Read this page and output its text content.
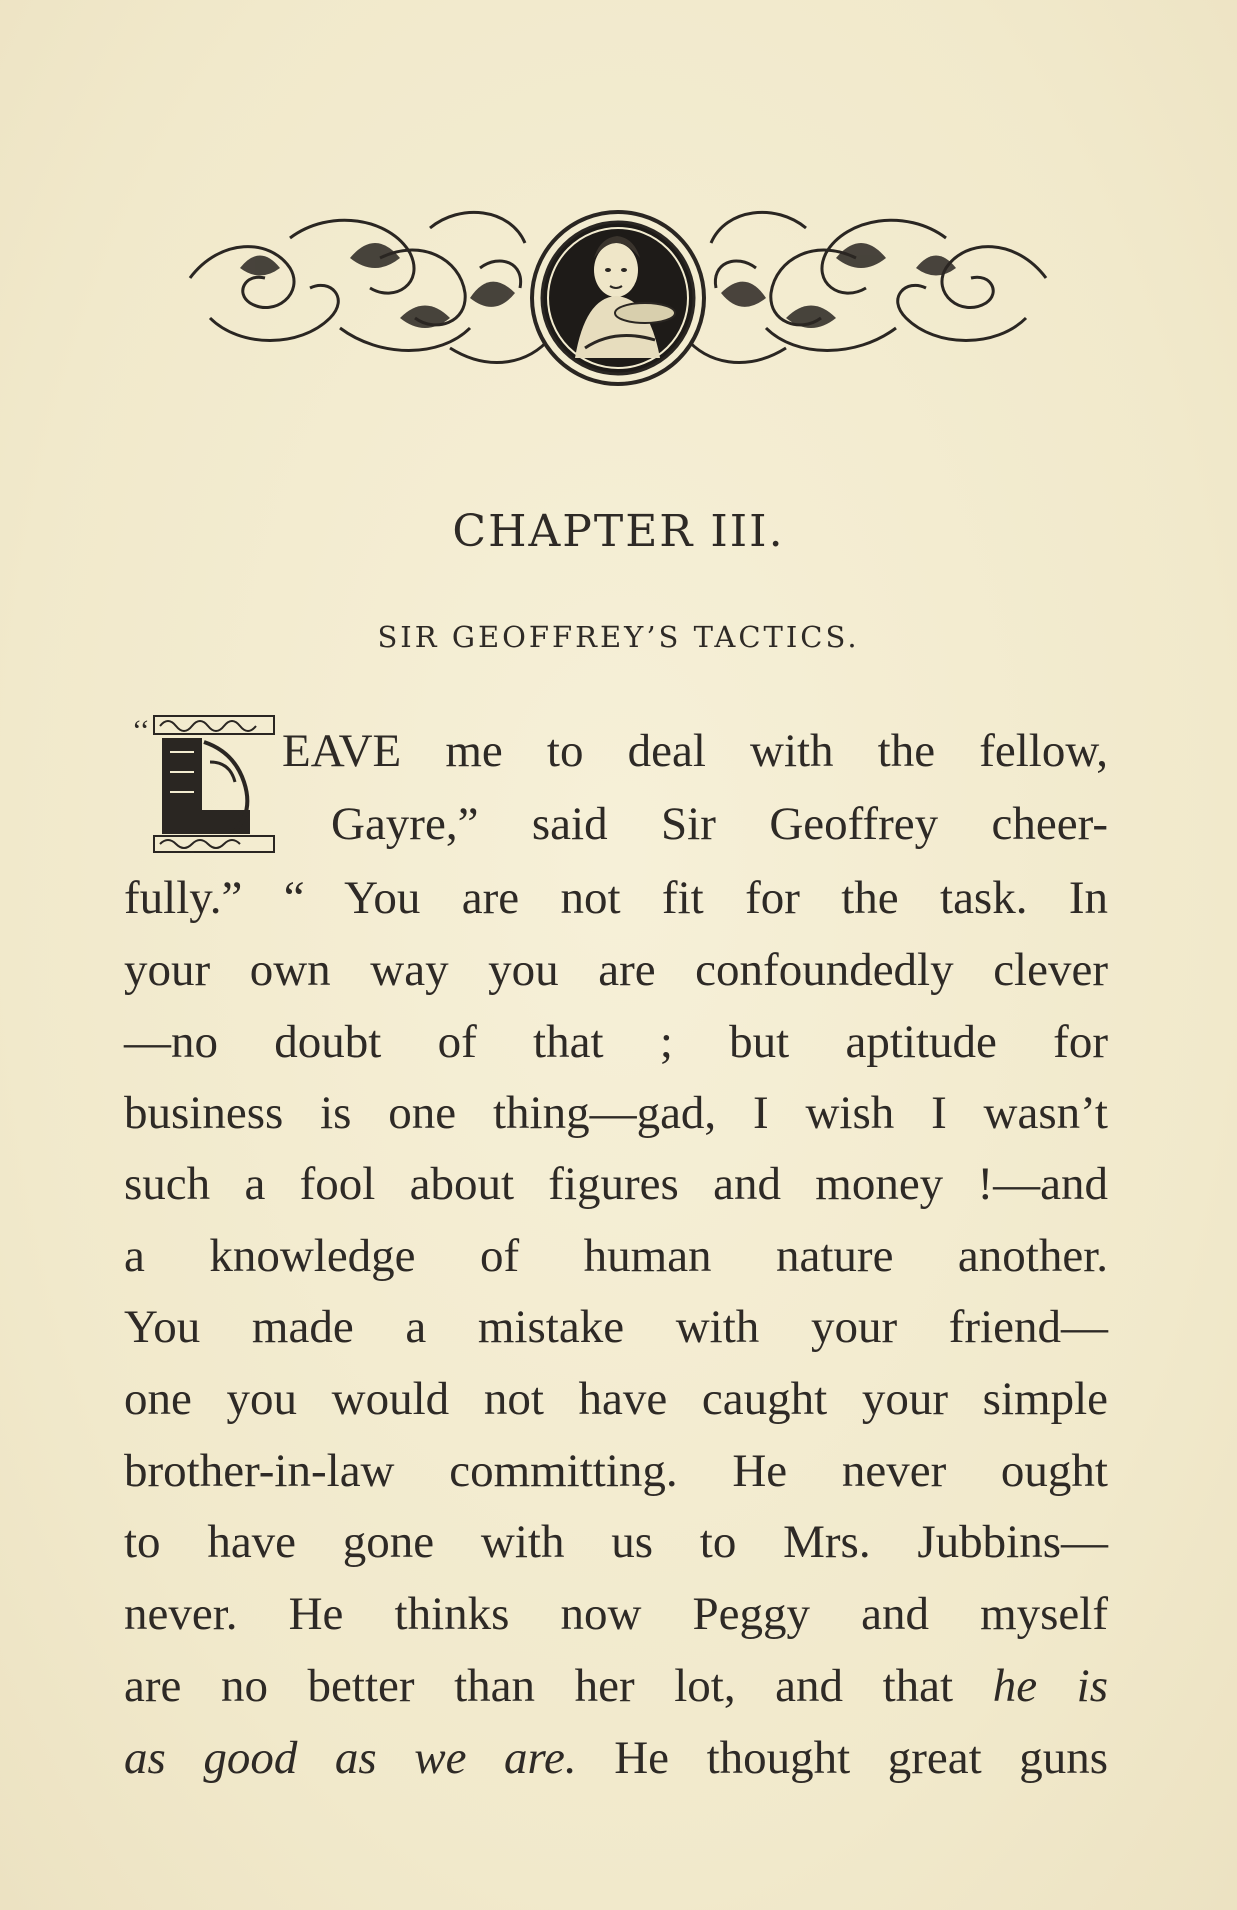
CHAPTER III.
SIR GEOFFREY’S TACTICS.
‘‘	EAVE me to deal with the fellow,
Gayre,” said Sir Geoffrey cheer-
fully.” “ You are not fit for the task. In
your own way you are confoundedly clever
—no doubt of that ; but aptitude for
business is one thing—gad, I wish I wasn’t
such a fool about figures and money !—and
a knowledge of human nature another.
You made a mistake with your friend—
one you would not have caught your simple
brother-in-law committing. He never ought
to have gone with us to Mrs. Jubbins—
never. He thinks now Peggy and myself
are no better than her lot, and that he is
as good as we are. He thought great guns
